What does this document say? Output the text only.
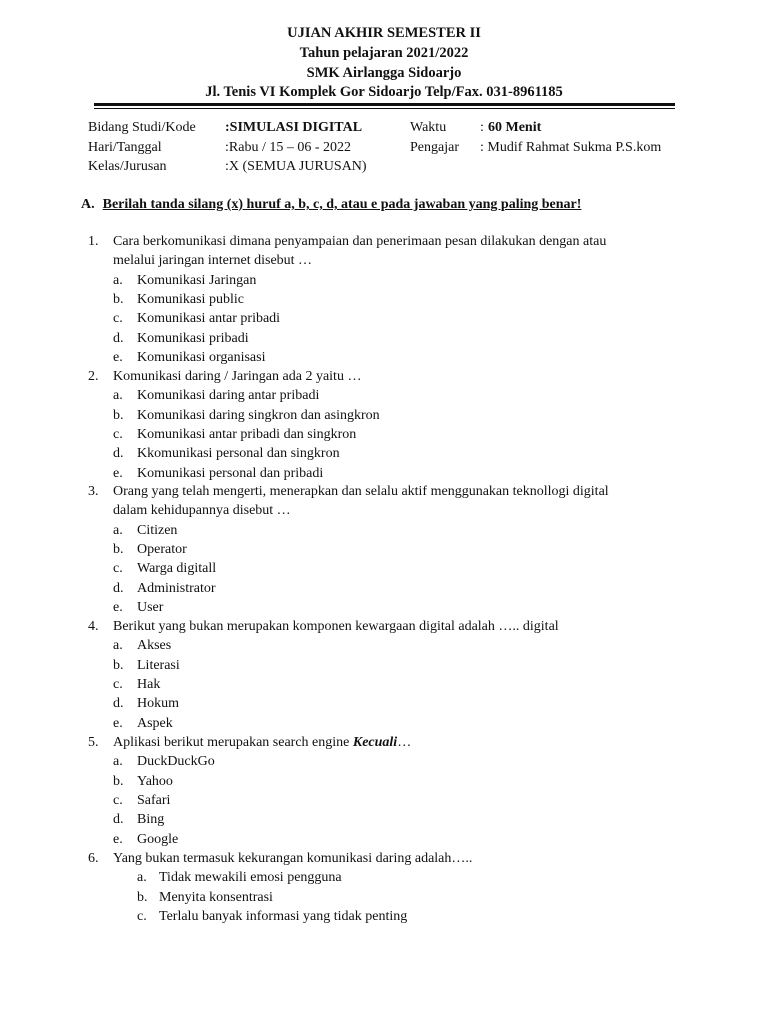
UJIAN AKHIR SEMESTER II
Tahun pelajaran 2021/2022
SMK Airlangga Sidoarjo
Jl. Tenis VI Komplek Gor Sidoarjo Telp/Fax. 031-8961185
Bidang Studi/Kode :SIMULASI DIGITAL	Waktu : 60 Menit
Hari/Tanggal	:Rabu / 15 – 06 - 2022	Pengajar : Mudif Rahmat Sukma P.S.kom
Kelas/Jurusan	:X (SEMUA JURUSAN)
A. Berilah tanda silang (x) huruf a, b, c, d, atau e pada jawaban yang paling benar!
1. Cara berkomunikasi dimana penyampaian dan penerimaan pesan dilakukan dengan atau
melalui jaringan internet disebut …
a. Komunikasi Jaringan
b. Komunikasi public
c. Komunikasi antar pribadi
d. Komunikasi pribadi
e. Komunikasi organisasi
2. Komunikasi daring / Jaringan ada 2 yaitu …
a. Komunikasi daring antar pribadi
b. Komunikasi daring singkron dan asingkron
c. Komunikasi antar pribadi dan singkron
d. Kkomunikasi personal dan singkron
e. Komunikasi personal dan pribadi
3. Orang yang telah mengerti, menerapkan dan selalu aktif menggunakan teknollogi digital
dalam kehidupannya disebut …
a. Citizen
b. Operator
c. Warga digitall
d. Administrator
e. User
4. Berikut yang bukan merupakan komponen kewargaan digital adalah ….. digital
a. Akses
b. Literasi
c. Hak
d. Hokum
e. Aspek
5. Aplikasi berikut merupakan search engine Kecuali…
a. DuckDuckGo
b. Yahoo
c. Safari
d. Bing
e. Google
6. Yang bukan termasuk kekurangan komunikasi daring adalah…..
a. Tidak mewakili emosi pengguna
b. Menyita konsentrasi
c. Terlalu banyak informasi yang tidak penting
